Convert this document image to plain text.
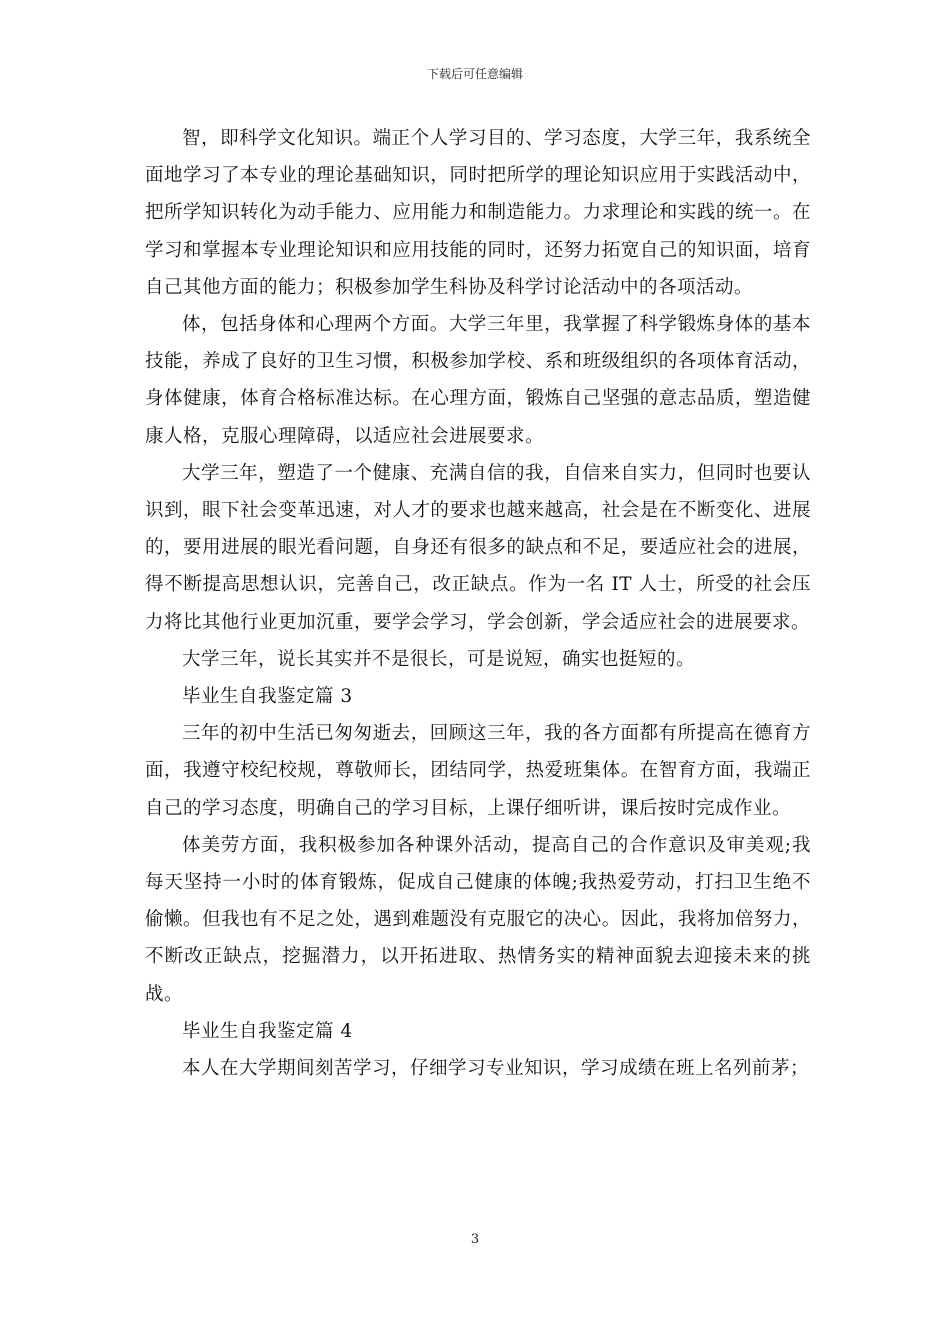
下载后可任意编辑

智，即科学文化知识。端正个人学习目的、学习态度，大学三年，我系统全面地学习了本专业的理论基础知识，同时把所学的理论知识应用于实践活动中，把所学知识转化为动手能力、应用能力和制造能力。力求理论和实践的统一。在学习和掌握本专业理论知识和应用技能的同时，还努力拓宽自己的知识面，培育自己其他方面的能力；积极参加学生科协及科学讨论活动中的各项活动。

体，包括身体和心理两个方面。大学三年里，我掌握了科学锻炼身体的基本技能，养成了良好的卫生习惯，积极参加学校、系和班级组织的各项体育活动，身体健康，体育合格标准达标。在心理方面，锻炼自己坚强的意志品质，塑造健康人格，克服心理障碍，以适应社会进展要求。

大学三年，塑造了一个健康、充满自信的我，自信来自实力，但同时也要认识到，眼下社会变革迅速，对人才的要求也越来越高，社会是在不断变化、进展的，要用进展的眼光看问题，自身还有很多的缺点和不足，要适应社会的进展，得不断提高思想认识，完善自己，改正缺点。作为一名 IT 人士，所受的社会压力将比其他行业更加沉重，要学会学习，学会创新，学会适应社会的进展要求。

大学三年，说长其实并不是很长，可是说短，确实也挺短的。

毕业生自我鉴定篇 3

三年的初中生活已匆匆逝去，回顾这三年，我的各方面都有所提高在德育方面，我遵守校纪校规，尊敬师长，团结同学，热爱班集体。在智育方面，我端正自己的学习态度，明确自己的学习目标，上课仔细听讲，课后按时完成作业。

体美劳方面，我积极参加各种课外活动，提高自己的合作意识及审美观;我每天坚持一小时的体育锻炼，促成自己健康的体魄;我热爱劳动，打扫卫生绝不偷懒。但我也有不足之处，遇到难题没有克服它的决心。因此，我将加倍努力，不断改正缺点，挖掘潜力，以开拓进取、热情务实的精神面貌去迎接未来的挑战。

毕业生自我鉴定篇 4

本人在大学期间刻苦学习，仔细学习专业知识，学习成绩在班上名列前茅；

3
